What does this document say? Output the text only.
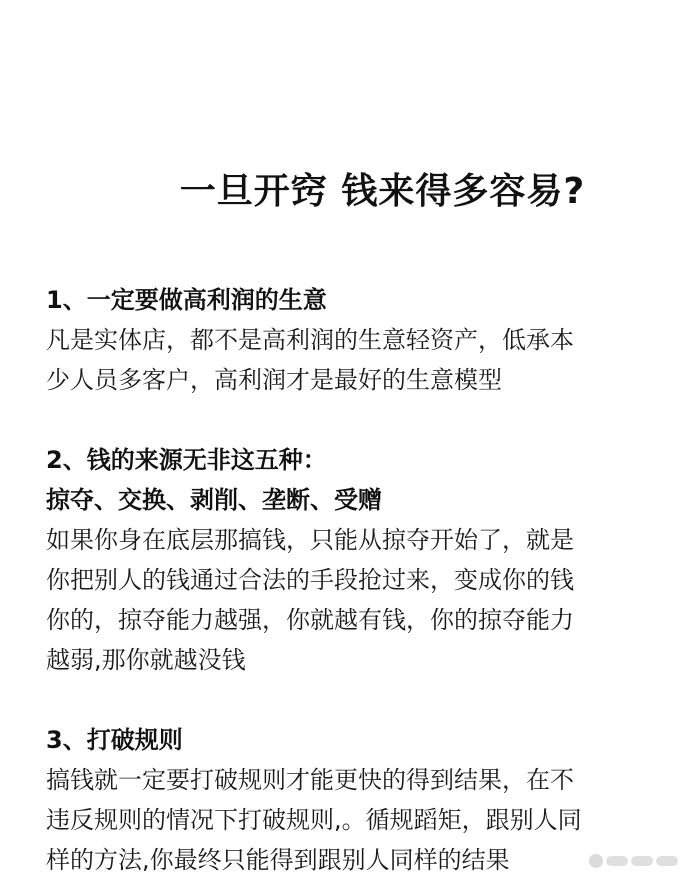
一旦开窍 钱来得多容易?
1、一定要做高利润的生意
凡是实体店，都不是高利润的生意轻资产，低承本
少人员多客户，高利润才是最好的生意模型
2、钱的来源无非这五种：
掠夺、交换、剥削、垄断、受赠
如果你身在底层那搞钱，只能从掠夺开始了，就是
你把别人的钱通过合法的手段抢过来，变成你的钱
你的，掠夺能力越强，你就越有钱，你的掠夺能力
越弱,那你就越没钱
3、打破规则
搞钱就一定要打破规则才能更快的得到结果，在不
违反规则的情况下打破规则,。循规蹈矩，跟别人同
样的方法,你最终只能得到跟别人同样的结果
